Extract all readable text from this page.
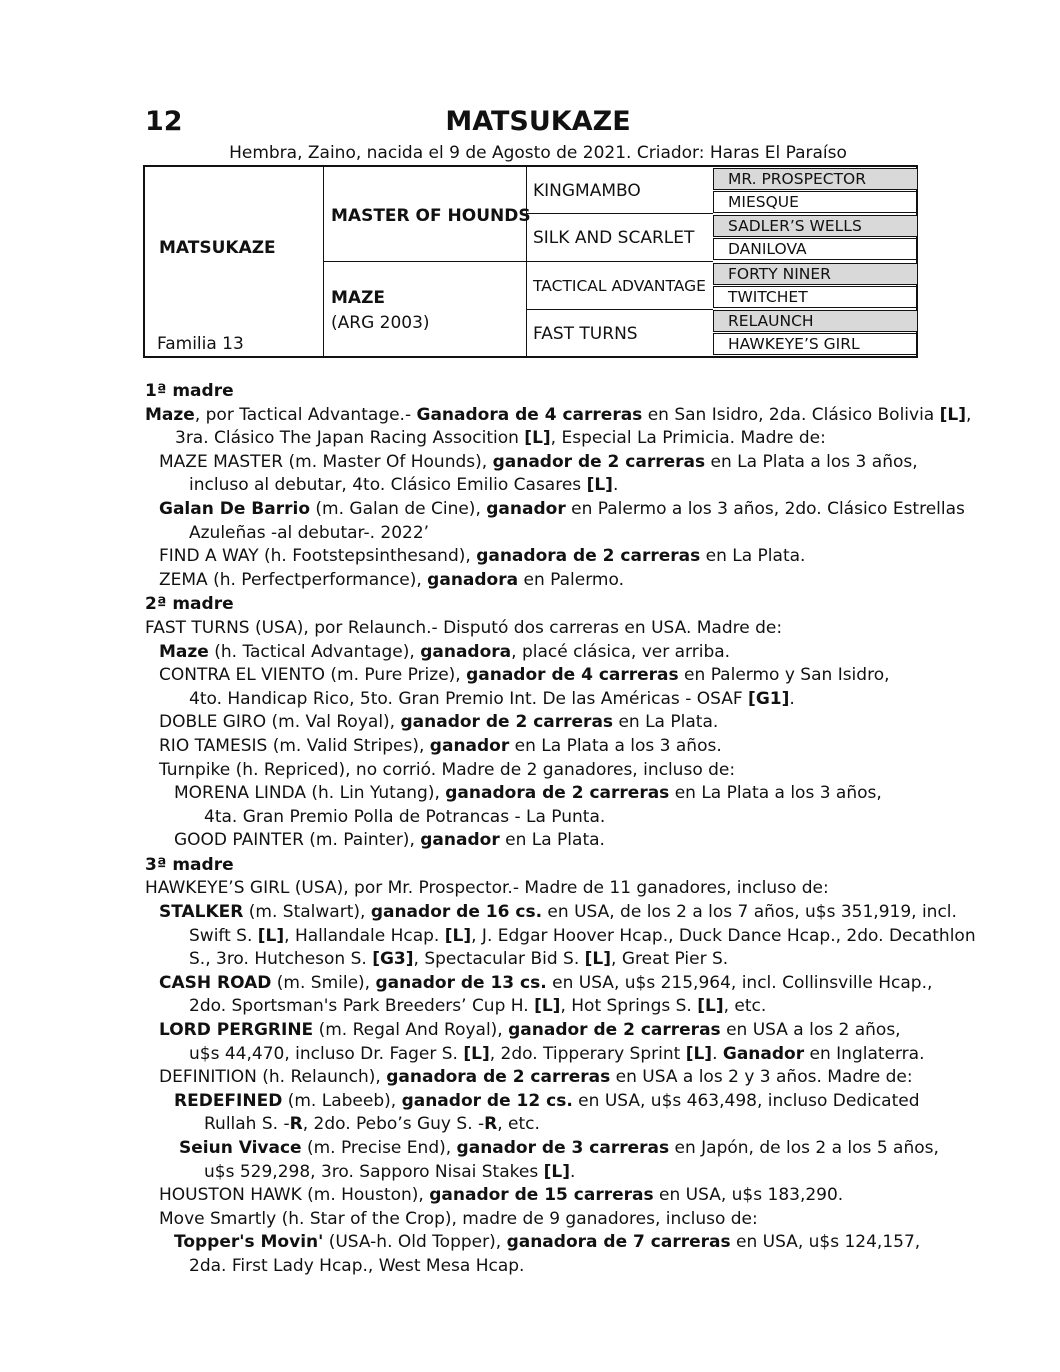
12	MATSUKAZE
Hembra, Zaino, nacida el 9 de Agosto de 2021. Criador: Haras El Paraíso
MATSUKAZE
Familia 13
MASTER OF HOUNDS
MAZE
(ARG 2003)
KINGMAMBO
SILK AND SCARLET
TACTICAL ADVANTAGE
FAST TURNS
MR. PROSPECTOR
MIESQUE
SADLER’S WELLS
DANILOVA
FORTY NINER
TWITCHET
RELAUNCH
HAWKEYE’S GIRL

1ª madre

Maze, por Tactical Advantage.- Ganadora de 4 carreras en San Isidro, 2da. Clásico Bolivia [L],

3ra. Clásico The Japan Racing Assocition [L], Especial La Primicia. Madre de:

MAZE MASTER (m. Master Of Hounds), ganador de 2 carreras en La Plata a los 3 años,

incluso al debutar, 4to. Clásico Emilio Casares [L].

Galan De Barrio (m. Galan de Cine), ganador en Palermo a los 3 años, 2do. Clásico Estrellas

Azuleñas -al debutar-. 2022’

FIND A WAY (h. Footstepsinthesand), ganadora de 2 carreras en La Plata.

ZEMA (h. Perfectperformance), ganadora en Palermo.

2ª madre

FAST TURNS (USA), por Relaunch.- Disputó dos carreras en USA. Madre de:

Maze (h. Tactical Advantage), ganadora, placé clásica, ver arriba.

CONTRA EL VIENTO (m. Pure Prize), ganador de 4 carreras en Palermo y San Isidro,

4to. Handicap Rico, 5to. Gran Premio Int. De las Américas - OSAF [G1].

DOBLE GIRO (m. Val Royal), ganador de 2 carreras en La Plata.

RIO TAMESIS (m. Valid Stripes), ganador en La Plata a los 3 años.

Turnpike (h. Repriced), no corrió. Madre de 2 ganadores, incluso de:

MORENA LINDA (h. Lin Yutang), ganadora de 2 carreras en La Plata a los 3 años,

4ta. Gran Premio Polla de Potrancas - La Punta.

GOOD PAINTER (m. Painter), ganador en La Plata.

3ª madre

HAWKEYE’S GIRL (USA), por Mr. Prospector.- Madre de 11 ganadores, incluso de:

STALKER (m. Stalwart), ganador de 16 cs. en USA, de los 2 a los 7 años, u$s 351,919, incl.

Swift S. [L], Hallandale Hcap. [L], J. Edgar Hoover Hcap., Duck Dance Hcap., 2do. Decathlon

S., 3ro. Hutcheson S. [G3], Spectacular Bid S. [L], Great Pier S.

CASH ROAD (m. Smile), ganador de 13 cs. en USA, u$s 215,964, incl. Collinsville Hcap.,

2do. Sportsman's Park Breeders’ Cup H. [L], Hot Springs S. [L], etc.

LORD PERGRINE (m. Regal And Royal), ganador de 2 carreras en USA a los 2 años,

u$s 44,470, incluso Dr. Fager S. [L], 2do. Tipperary Sprint [L]. Ganador en Inglaterra.

DEFINITION (h. Relaunch), ganadora de 2 carreras en USA a los 2 y 3 años. Madre de:

REDEFINED (m. Labeeb), ganador de 12 cs. en USA, u$s 463,498, incluso Dedicated

Rullah S. -R, 2do. Pebo’s Guy S. -R, etc.

Seiun Vivace (m. Precise End), ganador de 3 carreras en Japón, de los 2 a los 5 años,

u$s 529,298, 3ro. Sapporo Nisai Stakes [L].

HOUSTON HAWK (m. Houston), ganador de 15 carreras en USA, u$s 183,290.

Move Smartly (h. Star of the Crop), madre de 9 ganadores, incluso de:

Topper's Movin' (USA-h. Old Topper), ganadora de 7 carreras en USA, u$s 124,157,

2da. First Lady Hcap., West Mesa Hcap.
